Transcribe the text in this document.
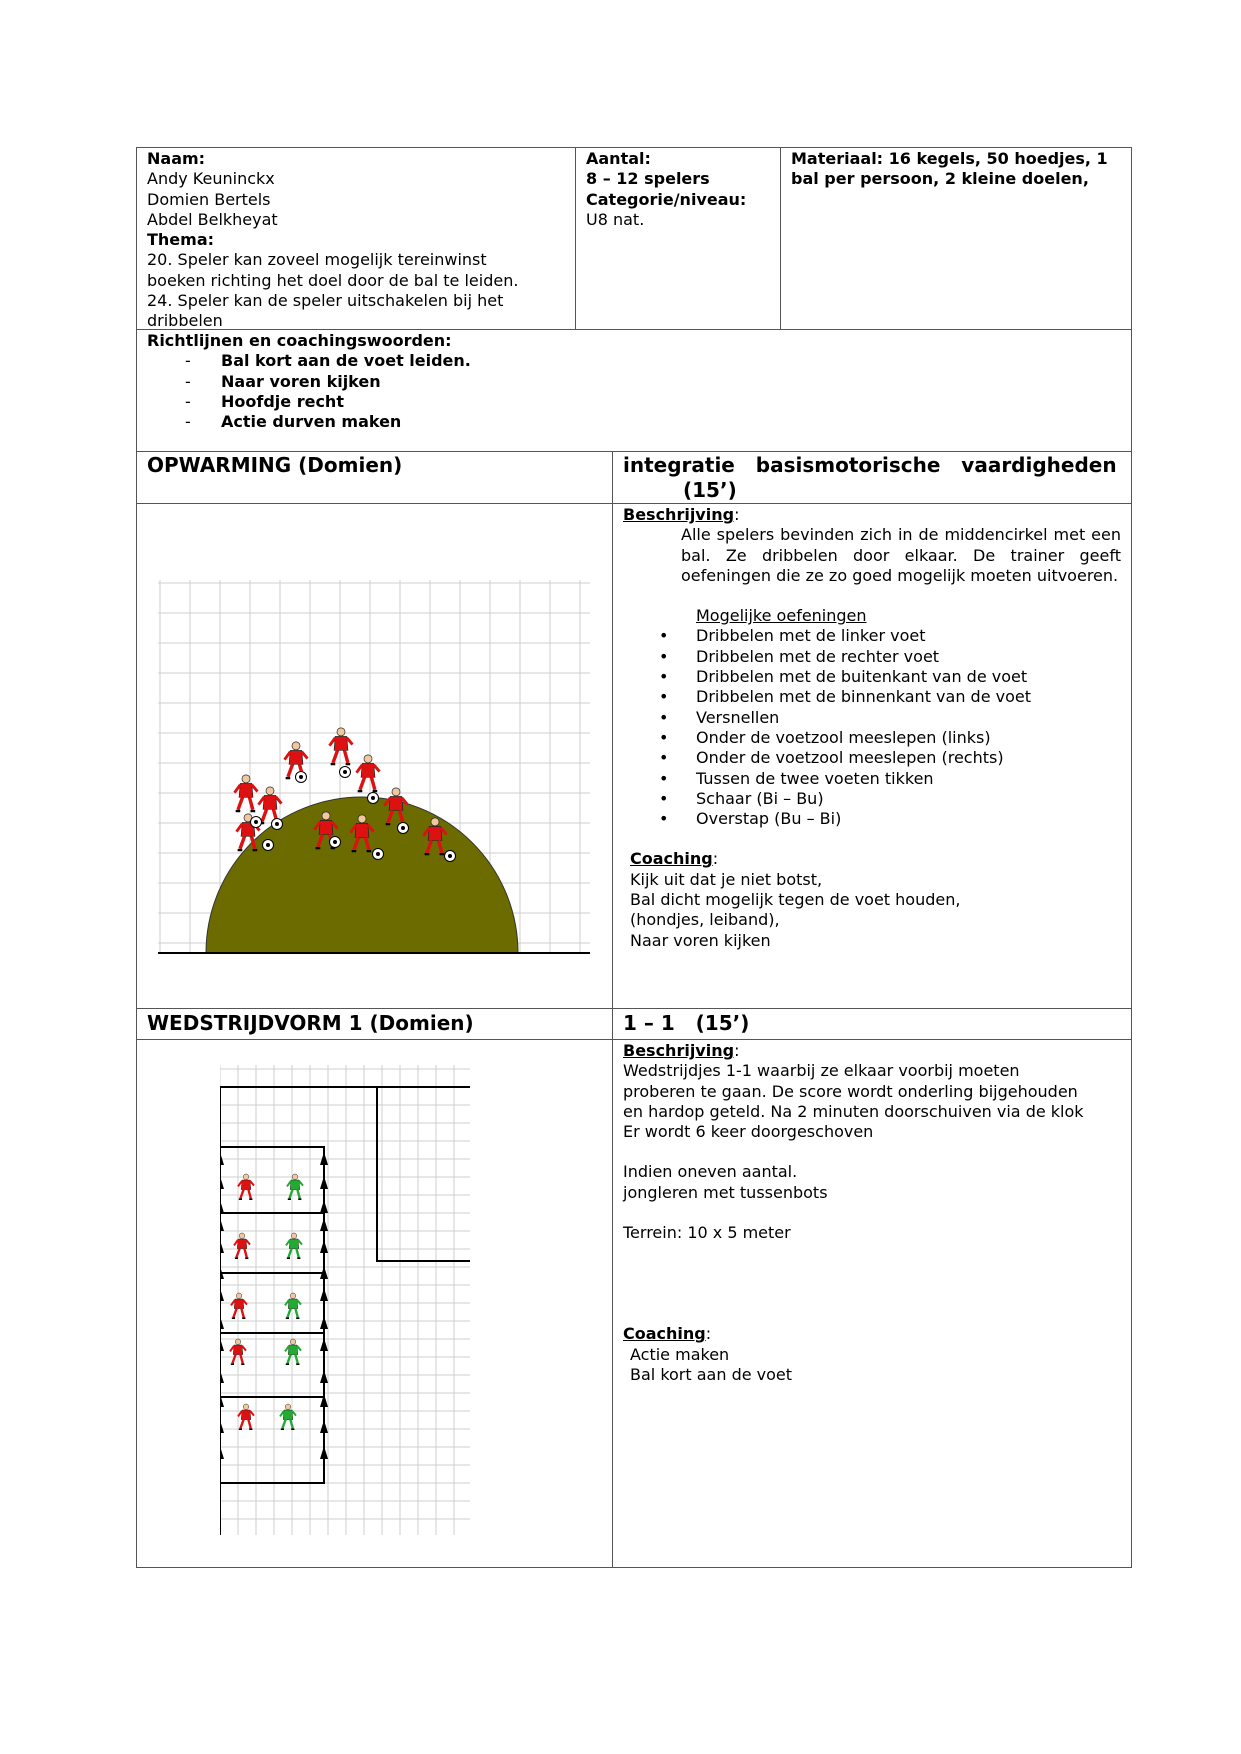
Naam:
Andy Keuninckx
Domien Bertels
Abdel Belkheyat
Thema:
20. Speler kan zoveel mogelijk tereinwinst
boeken richting het doel door de bal te leiden.
24. Speler kan de speler uitschakelen bij het
dribbelen
Aantal:
8 – 12 spelers
Categorie/niveau:
U8 nat.
Materiaal: 16 kegels, 50 hoedjes, 1
bal per persoon, 2 kleine doelen,
Richtlijnen en coachingswoorden:
- Bal kort aan de voet leiden.
- Naar voren kijken
- Hoofdje recht
- Actie durven maken
OPWARMING (Domien)	integratie   basismotorische   vaardigheden
(15’)
Beschrijving:
Alle spelers bevinden zich in de middencirkel met een bal. Ze dribbelen door elkaar. De trainer geeft oefeningen die ze zo goed mogelijk moeten uitvoeren.
Mogelijke oefeningen
• Dribbelen met de linker voet
• Dribbelen met de rechter voet
• Dribbelen met de buitenkant van de voet
• Dribbelen met de binnenkant van de voet
• Versnellen
• Onder de voetzool meeslepen (links)
• Onder de voetzool meeslepen (rechts)
• Tussen de twee voeten tikken
• Schaar (Bi – Bu)
• Overstap (Bu – Bi)
Coaching:
Kijk uit dat je niet botst,
Bal dicht mogelijk tegen de voet houden,
(hondjes, leiband),
Naar voren kijken
WEDSTRIJDVORM 1 (Domien)	1 – 1   (15’)
Beschrijving:
Wedstrijdjes 1-1 waarbij ze elkaar voorbij moeten
proberen te gaan. De score wordt onderling bijgehouden
en hardop geteld. Na 2 minuten doorschuiven via de klok
Er wordt 6 keer doorgeschoven
Indien oneven aantal.
jongleren met tussenbots
Terrein: 10 x 5 meter
Coaching:
Actie maken
Bal kort aan de voet
